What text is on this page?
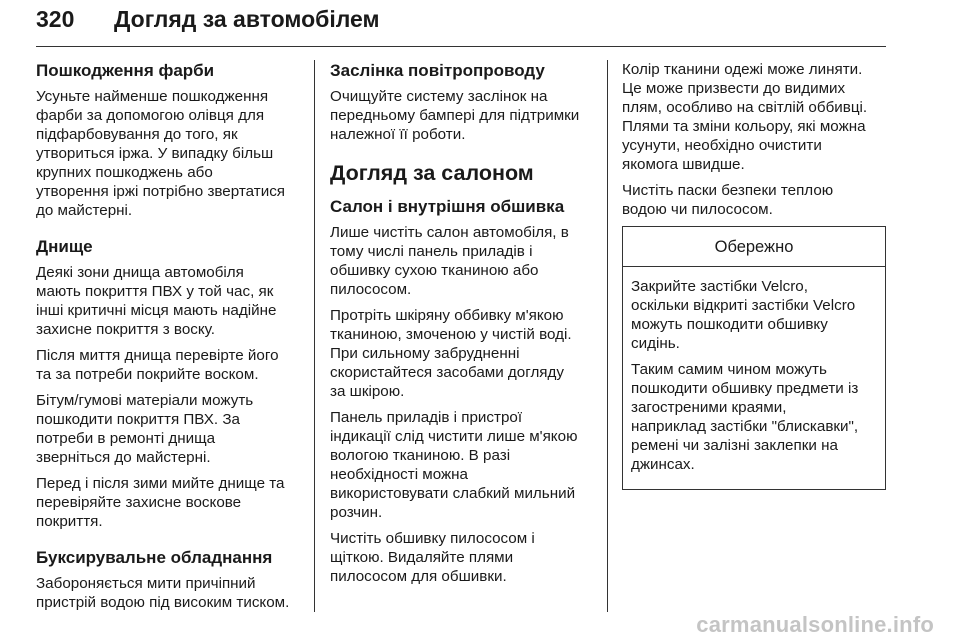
320 Догляд за автомобілем
Пошкодження фарби

Усуньте найменше пошкодження
фарби за допомогою олівця для
підфарбовування до того, як
утвориться іржа. У випадку більш
крупних пошкоджень або
утворення іржі потрібно звертатися
до майстерні.

Днище

Деякі зони днища автомобіля
мають покриття ПВХ у той час, як
інші критичні місця мають надійне
захисне покриття з воску.

Після миття днища перевірте його
та за потреби покрийте воском.

Бітум/гумові матеріали можуть
пошкодити покриття ПВХ. За
потреби в ремонті днища
зверніться до майстерні.

Перед і після зими мийте днище та
перевіряйте захисне воскове
покриття.

Буксирувальне обладнання

Забороняється мити причіпний
пристрій водою під високим тиском.

Заслінка повітропроводу

Очищуйте систему заслінок на
передньому бампері для підтримки
належної її роботи.

Догляд за салоном
Салон і внутрішня обшивка

Лише чистіть салон автомобіля, в
тому числі панель приладів і
обшивку сухою тканиною або
пилососом.

Протріть шкіряну оббивку м'якою
тканиною, змоченою у чистій воді.
При сильному забрудненні
скористайтеся засобами догляду
за шкірою.

Панель приладів і пристрої
індикації слід чистити лише м'якою
вологою тканиною. В разі
необхідності можна
використовувати слабкий мильний
розчин.

Чистіть обшивку пилососом і
щіткою. Видаляйте плями
пилососом для обшивки.

Колір тканини одежі може линяти.
Це може призвести до видимих
плям, особливо на світлій оббивці.
Плями та зміни кольору, які можна
усунути, необхідно очистити
якомога швидше.

Чистіть паски безпеки теплою
водою чи пилососом.

Обережно

Закрийте застібки Velcro,
оскільки відкриті застібки Velcro
можуть пошкодити обшивку
сидінь.

Таким самим чином можуть
пошкодити обшивку предмети із
загостреними краями,
наприклад застібки "блискавки",
ремені чи залізні заклепки на
джинсах.

carmanualsonline.info
